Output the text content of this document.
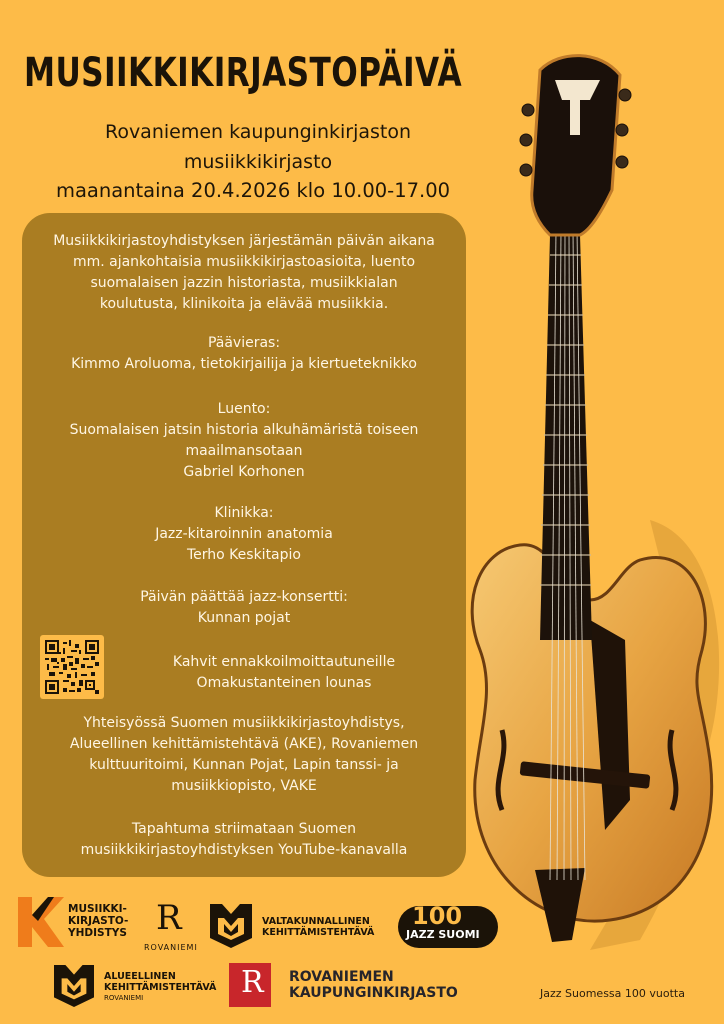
MUSIIKKIKIRJASTOPÄIVÄ
Rovaniemen kaupunginkirjaston
musiikkikirjasto
maanantaina 20.4.2026 klo 10.00-17.00
Musiikkikirjastoyhdistyksen järjestämän päivän aikana
mm. ajankohtaisia musiikkikirjastoasioita, luento
suomalaisen jazzin historiasta, musiikkialan
koulutusta, klinikoita ja elävää musiikkia.
Päävieras:
Kimmo Aroluoma, tietokirjailija ja kiertueteknikko
Luento:
Suomalaisen jatsin historia alkuhämäristä toiseen
maailmansotaan
Gabriel Korhonen
Klinikka:
Jazz-kitaroinnin anatomia
Terho Keskitapio
Päivän päättää jazz-konsertti:
Kunnan pojat
Kahvit ennakkoilmoittautuneille
Omakustanteinen lounas
Yhteisyössä Suomen musiikkikirjastoyhdistys,
Alueellinen kehittämistehtävä (AKE), Rovaniemen
kulttuuritoimi, Kunnan Pojat, Lapin tanssi- ja
musiikkiopisto, VAKE
Tapahtuma striimataan Suomen
musiikkikirjastoyhdistyksen YouTube-kanavalla
MUSIIKKI-
KIRJASTO-
YHDISTYS R
ROVANIEMI
VALTAKUNNALLINEN
KEHITTÄMISTEHTÄVÄ
100
JAZZ SUOMI
ALUEELLINEN
KEHITTÄMISTEHTÄVÄ
ROVANIEMI	R ROVANIEMEN
KAUPUNGINKIRJASTO	Jazz Suomessa 100 vuotta
